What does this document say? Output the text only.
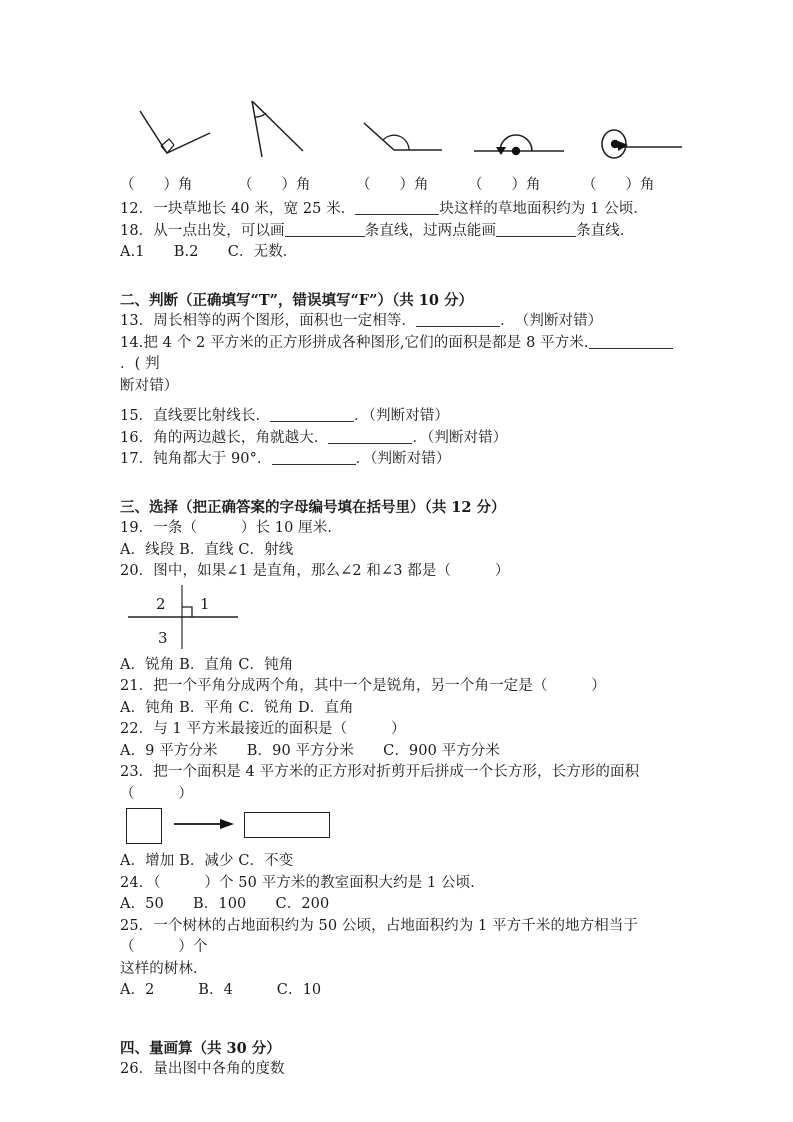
（　　）角	（　　）角	（　　）角	（　　）角	（　　）角

12．一块草地长 40 米，宽 25 米．	块这样的草地面积约为 1 公顷．

18．从一点出发，可以画	条直线，过两点能画	条直线．

A.1　　B.2　　C．无数．

二、判断（正确填写“T”，错误填写“F”）（共 10 分）

13．周长相等的两个图形，面积也一定相等．	．　（判断对错）

14.把 4 个 2 平方米的正方形拼成各种图形,它们的面积是都是 8 平方米.．( 判

断对错）

15．直线要比射线长．	．（判断对错）

16．角的两边越长，角就越大．	．（判断对错）

17．钝角都大于 90°．	．（判断对错）

三、选择（把正确答案的字母编号填在括号里）（共 12 分）

19．一条（　　　）长 10 厘米．

A．线段 B．直线 C．射线

20．图中，如果∠1 是直角，那么∠2 和∠3 都是（　　　）

2 1
3

A．锐角 B．直角 C．钝角

21．把一个平角分成两个角，其中一个是锐角，另一个角一定是（　　　）

A．钝角 B．平角 C．锐角 D．直角

22．与 1 平方米最接近的面积是（　　　）

A．9 平方分米　　B．90 平方分米　　C．900 平方分米

23．把一个面积是 4 平方米的正方形对折剪开后拼成一个长方形，长方形的面积（　　　）

A．增加 B．减少 C．不变

24．（　　　）个 50 平方米的教室面积大约是 1 公顷．

A．50　　B．100　　C．200

25．一个树林的占地面积约为 50 公顷，占地面积约为 1 平方千米的地方相当于（　　　）个

这样的树林．

A．2　　　B．4　　　C．10

四、量画算（共 30 分）

26．量出图中各角的度数
